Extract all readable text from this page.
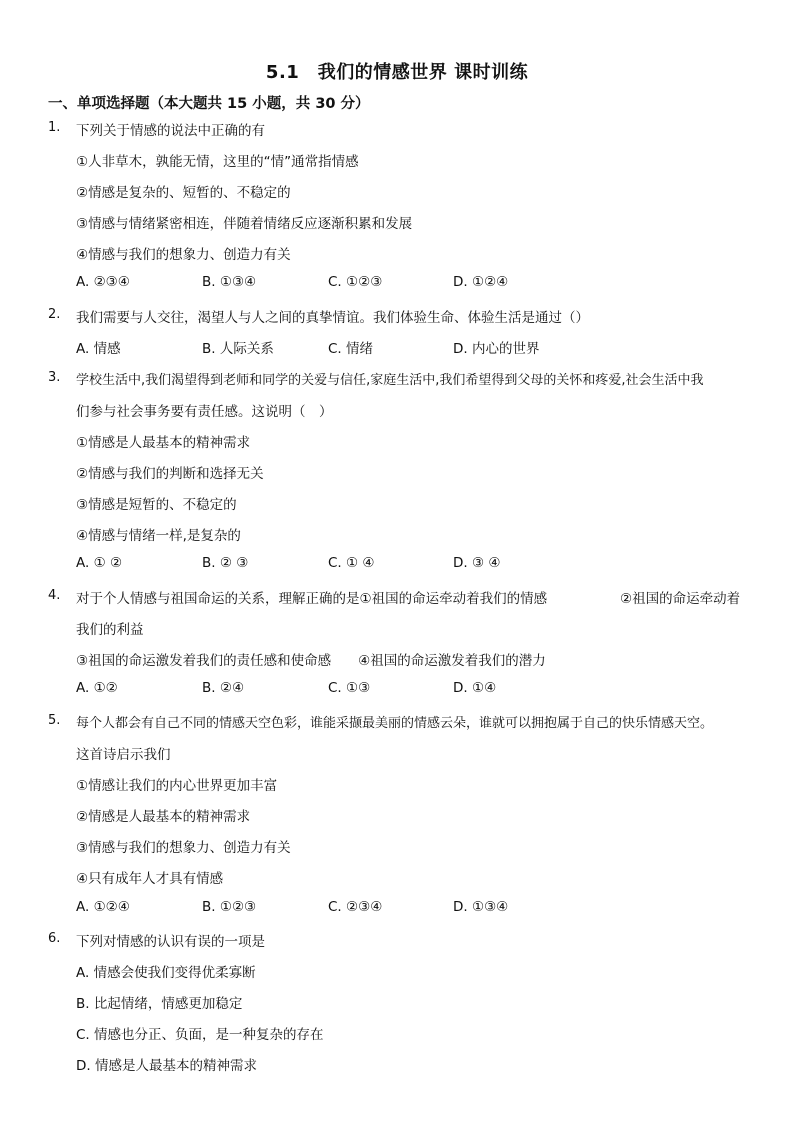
5.1　我们的情感世界 课时训练
一、单项选择题（本大题共 15 小题，共 30 分）
1. 下列关于情感的说法中正确的有
①人非草木，孰能无情，这里的“情”通常指情感
②情感是复杂的、短暂的、不稳定的
③情感与情绪紧密相连，伴随着情绪反应逐渐积累和发展
④情感与我们的想象力、创造力有关
A. ②③④	B. ①③④	C. ①②③	D. ①②④
2. 我们需要与人交往，渴望人与人之间的真挚情谊。我们体验生命、体验生活是通过（）
A. 情感	B. 人际关系	C. 情绪	D. 内心的世界
3. 学校生活中,我们渴望得到老师和同学的关爱与信任,家庭生活中,我们希望得到父母的关怀和疼爱,社会生活中我
们参与社会事务要有责任感。这说明（　）
①情感是人最基本的精神需求
②情感与我们的判断和选择无关
③情感是短暂的、不稳定的
④情感与情绪一样,是复杂的
A. ① ②	B. ② ③	C. ① ④	D. ③ ④
4. 对于个人情感与祖国命运的关系，理解正确的是①祖国的命运牵动着我们的情感	②祖国的命运牵动着
我们的利益
③祖国的命运激发着我们的责任感和使命感　　④祖国的命运激发着我们的潜力
A. ①②	B. ②④	C. ①③	D. ①④
5. 每个人都会有自己不同的情感天空色彩，谁能采撷最美丽的情感云朵，谁就可以拥抱属于自己的快乐情感天空。
这首诗启示我们
①情感让我们的内心世界更加丰富
②情感是人最基本的精神需求
③情感与我们的想象力、创造力有关
④只有成年人才具有情感
A. ①②④	B. ①②③	C. ②③④	D. ①③④
6. 下列对情感的认识有误的一项是
A. 情感会使我们变得优柔寡断
B. 比起情绪，情感更加稳定
C. 情感也分正、负面，是一种复杂的存在
D. 情感是人最基本的精神需求
